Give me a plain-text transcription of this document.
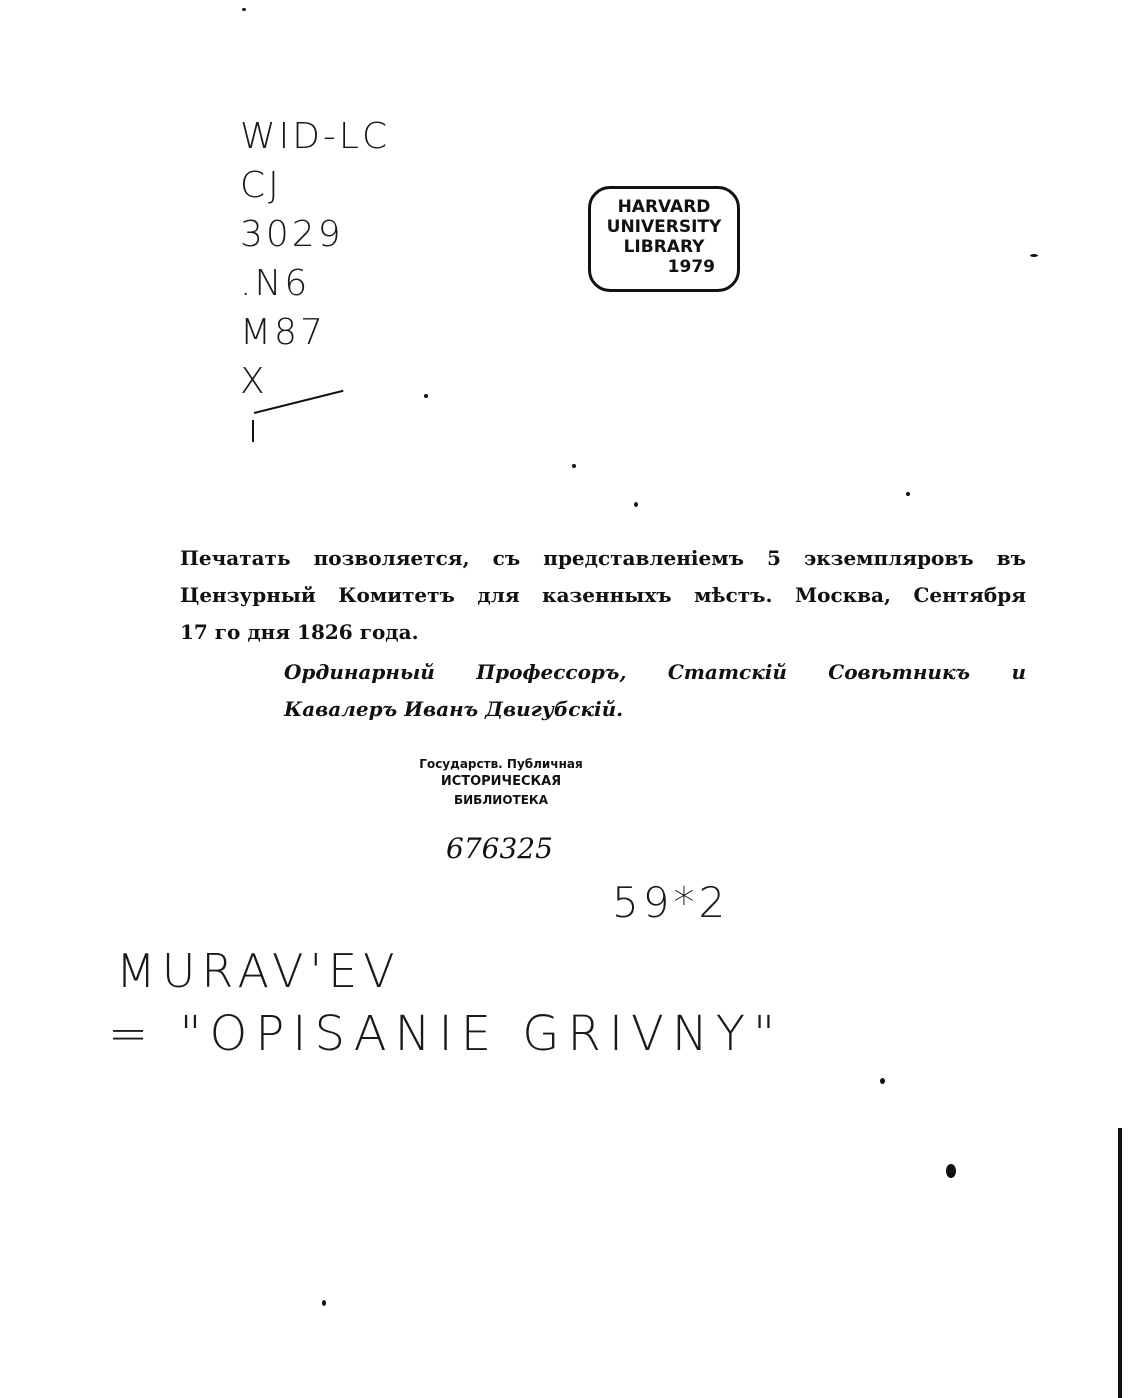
WID-LC
CJ
3029
.N6
M87
X
HARVARD
UNIVERSITY
LIBRARY
1979

Печатать позволяется, съ представленiемъ 5 экземпляровъ въ

Цензурный Комитетъ для казенныхъ мѣстъ. Москва, Сентября

17 го дня 1826 года.

Ординарный Профессоръ, Статскiй Совѣтникъ и

Кавалеръ Иванъ Двигубскiй.

Государств. Публичная
ИСТОРИЧЕСКАЯ
БИБЛИОТЕКА
676325
59*2
MURAV'EV
= "OPISANIE GRIVNY"
